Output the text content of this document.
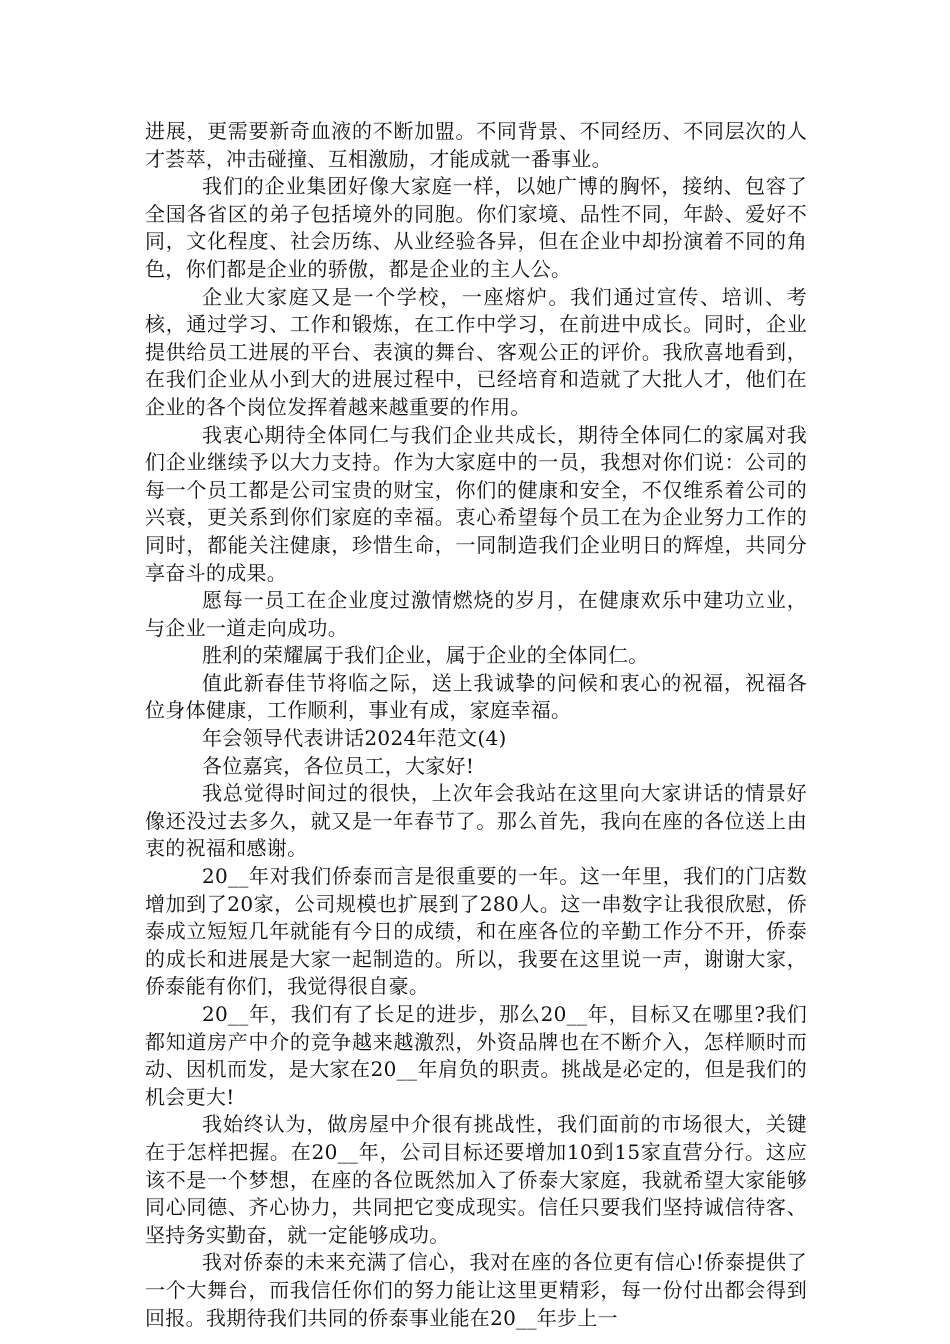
进展，更需要新奇血液的不断加盟。不同背景、不同经历、不同层次的人才荟萃，冲击碰撞、互相激励，才能成就一番事业。

我们的企业集团好像大家庭一样，以她广博的胸怀，接纳、包容了全国各省区的弟子包括境外的同胞。你们家境、品性不同，年龄、爱好不同，文化程度、社会历练、从业经验各异，但在企业中却扮演着不同的角色，你们都是企业的骄傲，都是企业的主人公。

企业大家庭又是一个学校，一座熔炉。我们通过宣传、培训、考核，通过学习、工作和锻炼，在工作中学习，在前进中成长。同时，企业提供给员工进展的平台、表演的舞台、客观公正的评价。我欣喜地看到，在我们企业从小到大的进展过程中，已经培育和造就了大批人才，他们在企业的各个岗位发挥着越来越重要的作用。

我衷心期待全体同仁与我们企业共成长，期待全体同仁的家属对我们企业继续予以大力支持。作为大家庭中的一员，我想对你们说：公司的每一个员工都是公司宝贵的财宝，你们的健康和安全，不仅维系着公司的兴衰，更关系到你们家庭的幸福。衷心希望每个员工在为企业努力工作的同时，都能关注健康，珍惜生命，一同制造我们企业明日的辉煌，共同分享奋斗的成果。

愿每一员工在企业度过激情燃烧的岁月，在健康欢乐中建功立业，与企业一道走向成功。

胜利的荣耀属于我们企业，属于企业的全体同仁。

值此新春佳节将临之际，送上我诚挚的问候和衷心的祝福，祝福各位身体健康，工作顺利，事业有成，家庭幸福。

年会领导代表讲话2024年范文(4)

各位嘉宾，各位员工，大家好!

我总觉得时间过的很快，上次年会我站在这里向大家讲话的情景好像还没过去多久，就又是一年春节了。那么首先，我向在座的各位送上由衷的祝福和感谢。

20__年对我们侨泰而言是很重要的一年。这一年里，我们的门店数增加到了20家，公司规模也扩展到了280人。这一串数字让我很欣慰，侨泰成立短短几年就能有今日的成绩，和在座各位的辛勤工作分不开，侨泰的成长和进展是大家一起制造的。所以，我要在这里说一声，谢谢大家，侨泰能有你们，我觉得很自豪。

20__年，我们有了长足的进步，那么20__年，目标又在哪里?我们都知道房产中介的竞争越来越激烈，外资品牌也在不断介入，怎样顺时而动、因机而发，是大家在20__年肩负的职责。挑战是必定的，但是我们的机会更大!

我始终认为，做房屋中介很有挑战性，我们面前的市场很大，关键在于怎样把握。在20__年，公司目标还要增加10到15家直营分行。这应该不是一个梦想，在座的各位既然加入了侨泰大家庭，我就希望大家能够同心同德、齐心协力，共同把它变成现实。信任只要我们坚持诚信待客、坚持务实勤奋，就一定能够成功。

我对侨泰的未来充满了信心，我对在座的各位更有信心!侨泰提供了一个大舞台，而我信任你们的努力能让这里更精彩，每一份付出都会得到回报。我期待我们共同的侨泰事业能在20__年步上一
